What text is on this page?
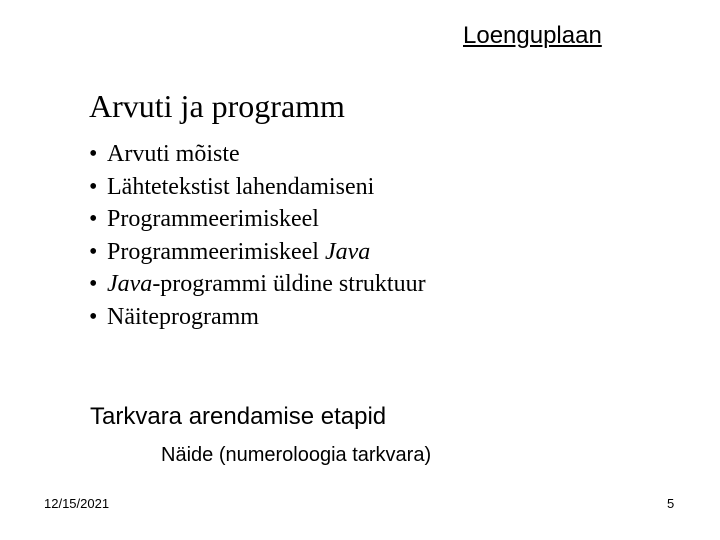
Loenguplaan
Arvuti ja programm
• Arvuti mõiste
• Lähtetekstist lahendamiseni
• Programmeerimiskeel
• Programmeerimiskeel Java
• Java-programmi üldine struktuur
• Näiteprogramm
Tarkvara arendamise etapid
Näide (numeroloogia tarkvara)
12/15/2021	5
